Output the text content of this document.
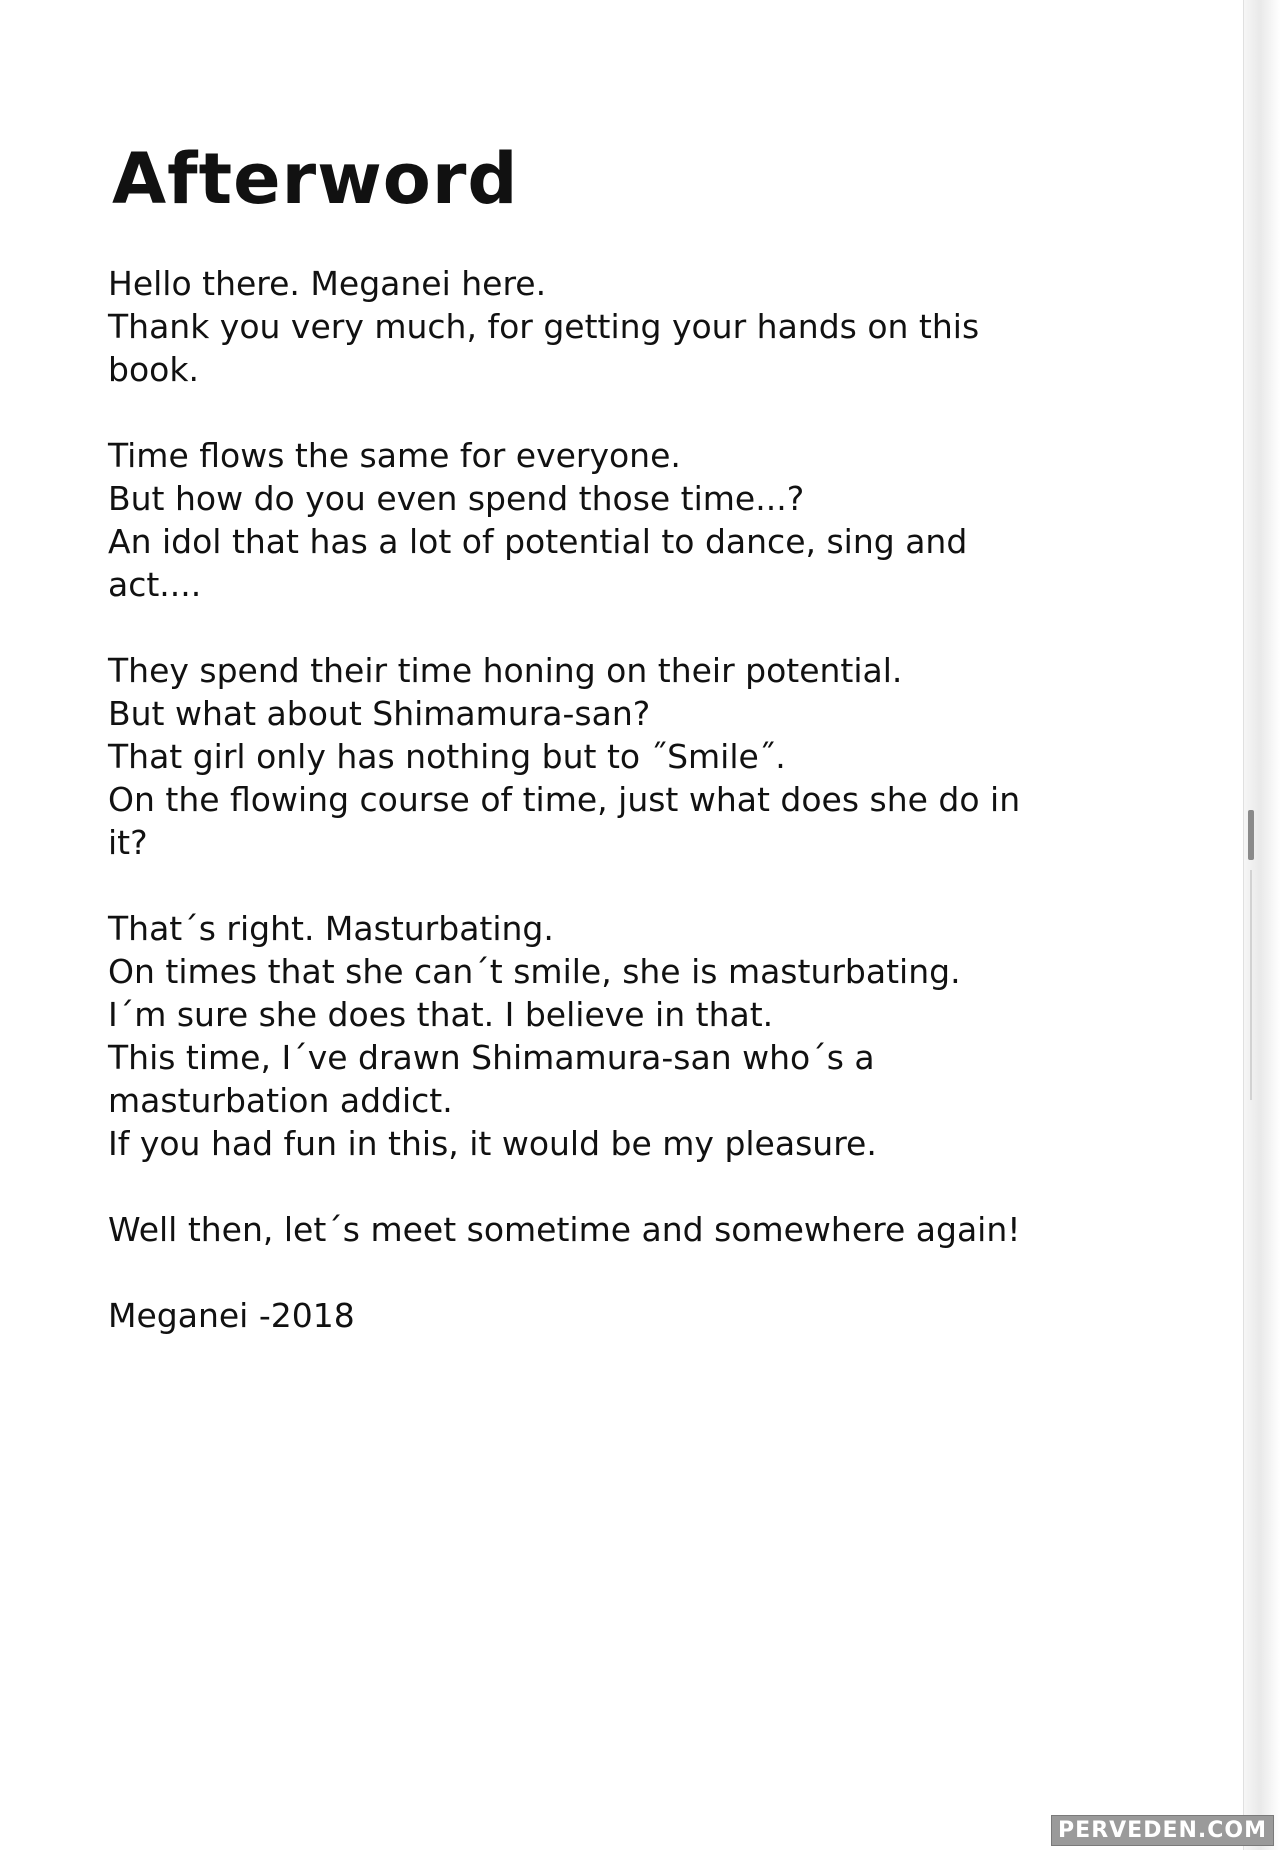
Afterword

Hello there. Meganei here.
Thank you very much, for getting your hands on this
book.

Time flows the same for everyone.
But how do you even spend those time...?
An idol that has a lot of potential to dance, sing and
act....

They spend their time honing on their potential.
But what about Shimamura-san?
That girl only has nothing but to ˝Smile˝.
On the flowing course of time, just what does she do in
it?

That´s right. Masturbating.
On times that she can´t smile, she is masturbating.
I´m sure she does that. I believe in that.
This time, I´ve drawn Shimamura-san who´s a
masturbation addict.
If you had fun in this, it would be my pleasure.

Well then, let´s meet sometime and somewhere again!

Meganei -2018

PERVEDEN.COM
